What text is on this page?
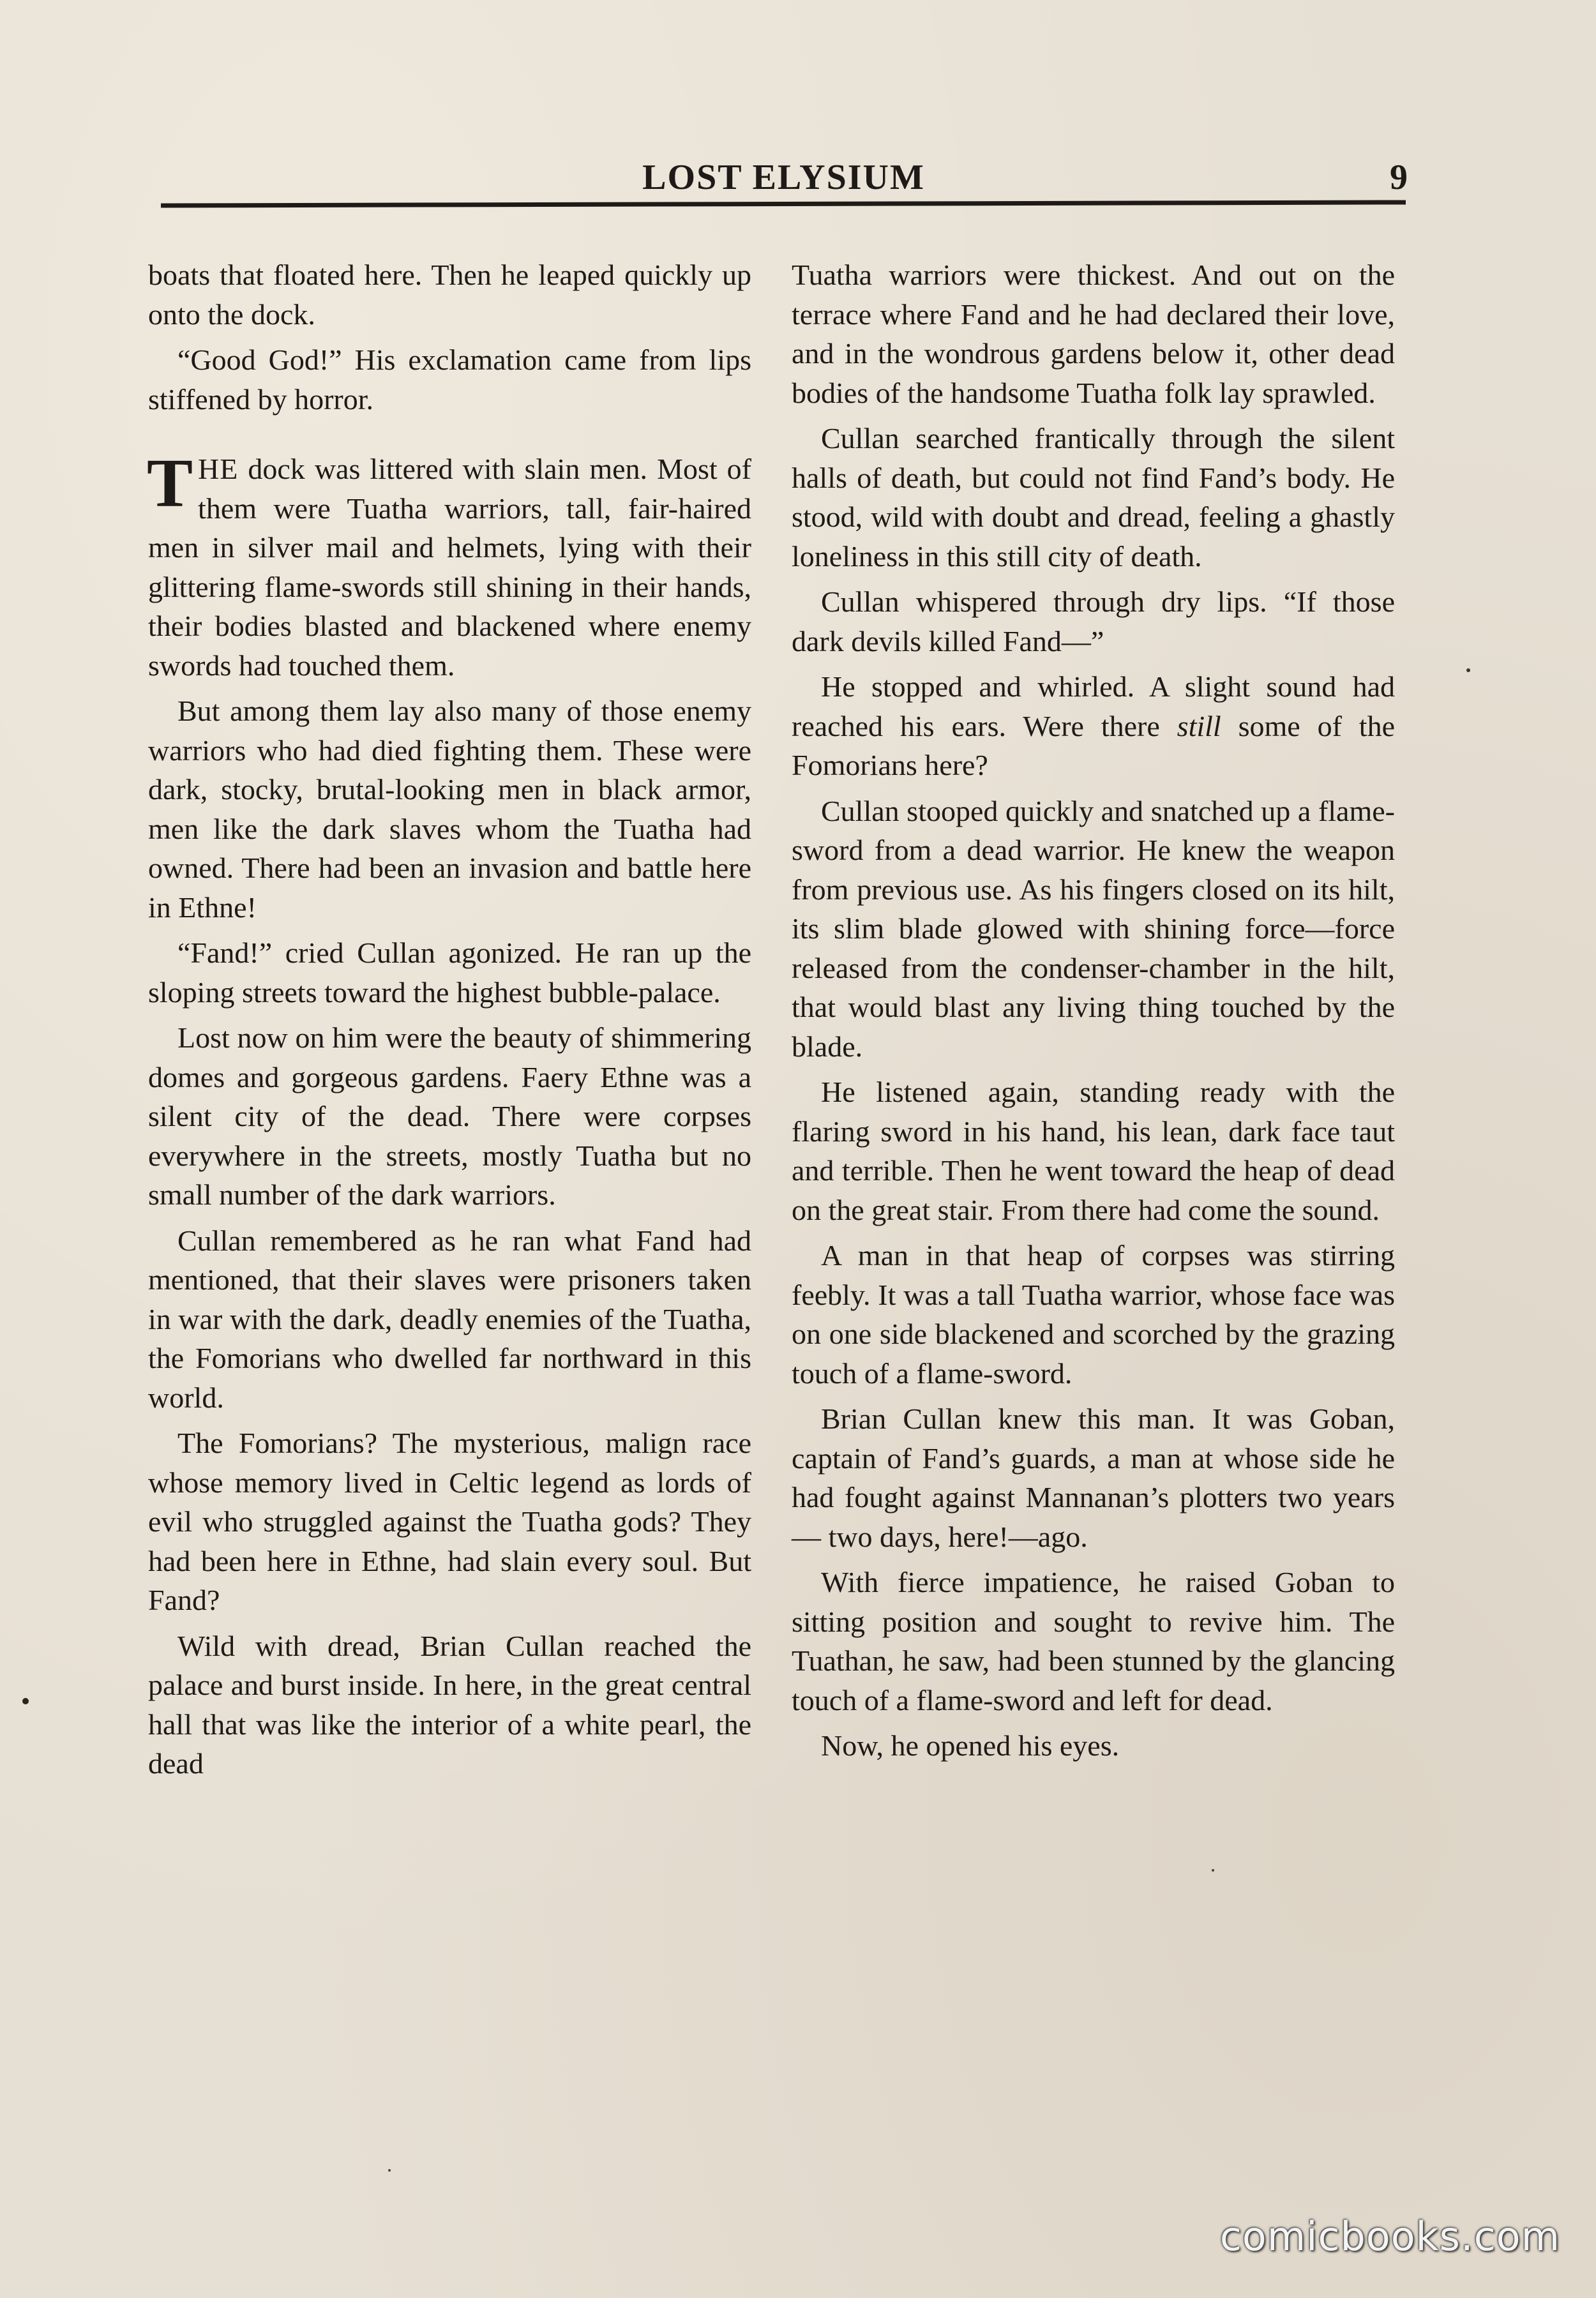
LOST ELYSIUM	9

boats that floated here. Then he leaped quickly up onto the dock.

“Good God!” His exclamation came from lips stiffened by horror.

THE dock was littered with slain men. Most of them were Tuatha warriors, tall, fair-haired men in silver mail and helmets, lying with their glittering flame-swords still shining in their hands, their bodies blasted and blackened where enemy swords had touched them.

But among them lay also many of those enemy warriors who had died fighting them. These were dark, stocky, brutal-looking men in black armor, men like the dark slaves whom the Tuatha had owned. There had been an invasion and battle here in Ethne!

“Fand!” cried Cullan agonized. He ran up the sloping streets toward the highest bubble-palace.

Lost now on him were the beauty of shimmering domes and gorgeous gardens. Faery Ethne was a silent city of the dead. There were corpses everywhere in the streets, mostly Tuatha but no small number of the dark warriors.

Cullan remembered as he ran what Fand had mentioned, that their slaves were prisoners taken in war with the dark, deadly enemies of the Tuatha, the Fomorians who dwelled far northward in this world.

The Fomorians? The mysterious, malign race whose memory lived in Celtic legend as lords of evil who struggled against the Tuatha gods? They had been here in Ethne, had slain every soul. But Fand?

Wild with dread, Brian Cullan reached the palace and burst inside. In here, in the great central hall that was like the interior of a white pearl, the dead

Tuatha warriors were thickest. And out on the terrace where Fand and he had declared their love, and in the wondrous gardens below it, other dead bodies of the handsome Tuatha folk lay sprawled.

Cullan searched frantically through the silent halls of death, but could not find Fand’s body. He stood, wild with doubt and dread, feeling a ghastly loneliness in this still city of death.

Cullan whispered through dry lips. “If those dark devils killed Fand—”

He stopped and whirled. A slight sound had reached his ears. Were there still some of the Fomorians here?

Cullan stooped quickly and snatched up a flame-sword from a dead warrior. He knew the weapon from previous use. As his fingers closed on its hilt, its slim blade glowed with shining force—force released from the condenser-chamber in the hilt, that would blast any living thing touched by the blade.

He listened again, standing ready with the flaring sword in his hand, his lean, dark face taut and terrible. Then he went toward the heap of dead on the great stair. From there had come the sound.

A man in that heap of corpses was stirring feebly. It was a tall Tuatha warrior, whose face was on one side blackened and scorched by the grazing touch of a flame-sword.

Brian Cullan knew this man. It was Goban, captain of Fand’s guards, a man at whose side he had fought against Mannanan’s plotters two years — two days, here!—ago.

With fierce impatience, he raised Goban to sitting position and sought to revive him. The Tuathan, he saw, had been stunned by the glancing touch of a flame-sword and left for dead.

Now, he opened his eyes.

comicbooks.com
